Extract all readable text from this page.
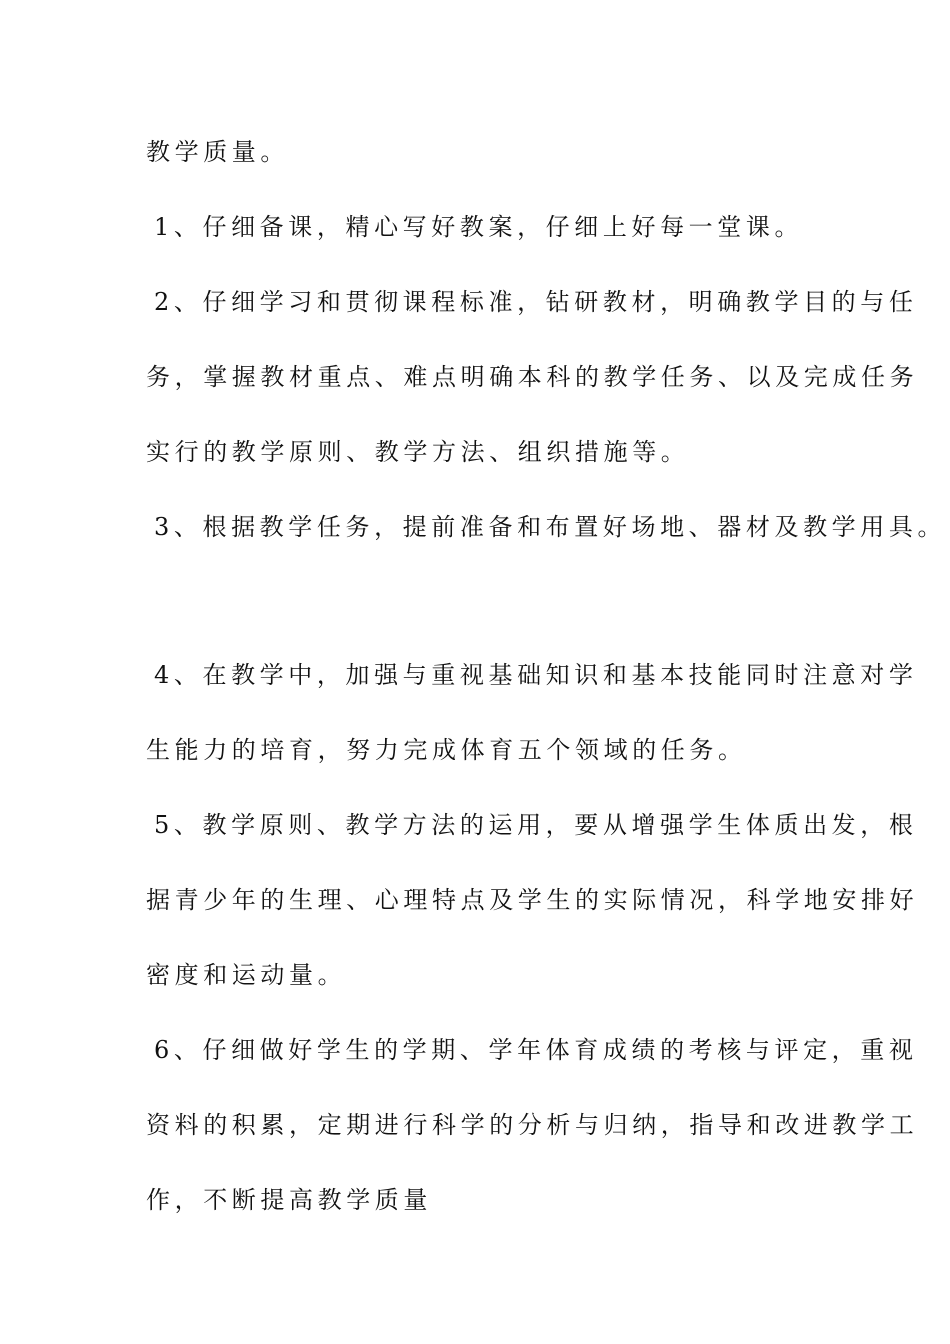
教学质量。

1、仔细备课，精心写好教案，仔细上好每一堂课。

2、仔细学习和贯彻课程标准，钻研教材，明确教学目的与任

务，掌握教材重点、难点明确本科的教学任务、以及完成任务

实行的教学原则、教学方法、组织措施等。

3、根据教学任务，提前准备和布置好场地、器材及教学用具。

4、在教学中，加强与重视基础知识和基本技能同时注意对学

生能力的培育，努力完成体育五个领域的任务。

5、教学原则、教学方法的运用，要从增强学生体质出发，根

据青少年的生理、心理特点及学生的实际情况，科学地安排好

密度和运动量。

6、仔细做好学生的学期、学年体育成绩的考核与评定，重视

资料的积累，定期进行科学的分析与归纳，指导和改进教学工

作，不断提高教学质量
